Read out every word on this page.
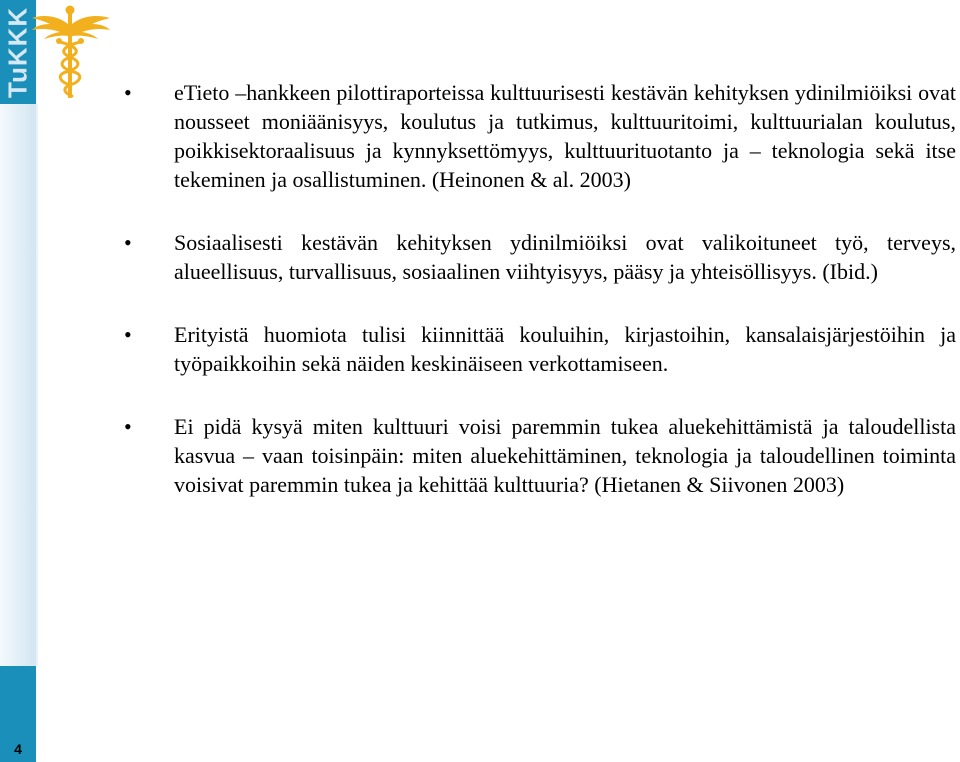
TuKKK
4
• eTieto –hankkeen pilottiraporteissa kulttuurisesti kestävän kehityksen ydinilmiöiksi ovat nousseet moniäänisyys, koulutus ja tutkimus, kulttuuritoimi, kulttuurialan koulutus, poikkisektoraalisuus ja kynnyksettömyys, kulttuurituotanto ja – teknologia sekä itse tekeminen ja osallistuminen. (Heinonen & al. 2003)
• Sosiaalisesti kestävän kehityksen ydinilmiöiksi ovat valikoituneet työ, terveys, alueellisuus, turvallisuus, sosiaalinen viihtyisyys, pääsy ja yhteisöllisyys. (Ibid.)
• Erityistä huomiota tulisi kiinnittää kouluihin, kirjastoihin, kansalaisjärjestöihin ja työpaikkoihin sekä näiden keskinäiseen verkottamiseen.
• Ei pidä kysyä miten kulttuuri voisi paremmin tukea aluekehittämistä ja taloudellista kasvua – vaan toisinpäin: miten aluekehittäminen, teknologia ja taloudellinen toiminta voisivat paremmin tukea ja kehittää kulttuuria? (Hietanen & Siivonen 2003)
